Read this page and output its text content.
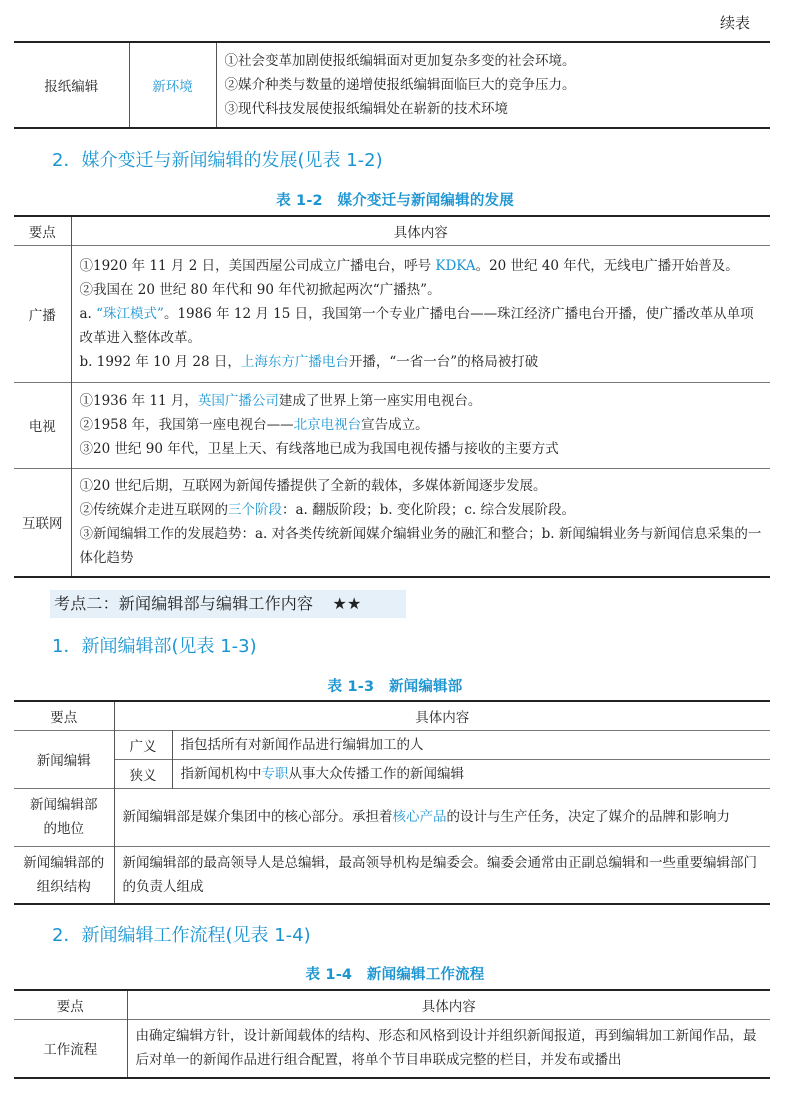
续表
报纸编辑	新环境	
①社会变革加剧使报纸编辑面对更加复杂多变的社会环境。
②媒介种类与数量的递增使报纸编辑面临巨大的竞争压力。
③现代科技发展使报纸编辑处在崭新的技术环境
2．媒介变迁与新闻编辑的发展(见表 1-2)
表 1-2　媒介变迁与新闻编辑的发展
要点	具体内容
广播	①1920 年 11 月 2 日，美国西屋公司成立广播电台，呼号 KDKA。20 世纪 40 年代，无线电广播开始普及。
②我国在 20 世纪 80 年代和 90 年代初掀起两次“广播热”。
a. “珠江模式”。1986 年 12 月 15 日，我国第一个专业广播电台——珠江经济广播电台开播，使广播改革从单项改革进入整体改革。
b. 1992 年 10 月 28 日，上海东方广播电台开播，“一省一台”的格局被打破

电视	①1936 年 11 月，英国广播公司建成了世界上第一座实用电视台。
②1958 年，我国第一座电视台——北京电视台宣告成立。
③20 世纪 90 年代，卫星上天、有线落地已成为我国电视传播与接收的主要方式

互联网	①20 世纪后期，互联网为新闻传播提供了全新的载体，多媒体新闻逐步发展。
②传统媒介走进互联网的三个阶段：a. 翻版阶段；b. 变化阶段；c. 综合发展阶段。
③新闻编辑工作的发展趋势：a. 对各类传统新闻媒介编辑业务的融汇和整合；b. 新闻编辑业务与新闻信息采集的一体化趋势
考点二：新闻编辑部与编辑工作内容 ★★
1．新闻编辑部(见表 1-3)
表 1-3　新闻编辑部
要点	具体内容	
新闻编辑	广义	指包括所有对新闻作品进行编辑加工的人
	狭义	指新闻机构中专职从事大众传播工作的新闻编辑
新闻编辑部的地位	新闻编辑部是媒介集团中的核心部分。承担着核心产品的设计与生产任务，决定了媒介的品牌和影响力	
新闻编辑部的组织结构	新闻编辑部的最高领导人是总编辑，最高领导机构是编委会。编委会通常由正副总编辑和一些重要编辑部门的负责人组成	
2．新闻编辑工作流程(见表 1-4)
表 1-4　新闻编辑工作流程
要点	具体内容
工作流程	由确定编辑方针，设计新闻载体的结构、形态和风格到设计并组织新闻报道，再到编辑加工新闻作品，最后对单一的新闻作品进行组合配置，将单个节目串联成完整的栏目，并发布或播出
